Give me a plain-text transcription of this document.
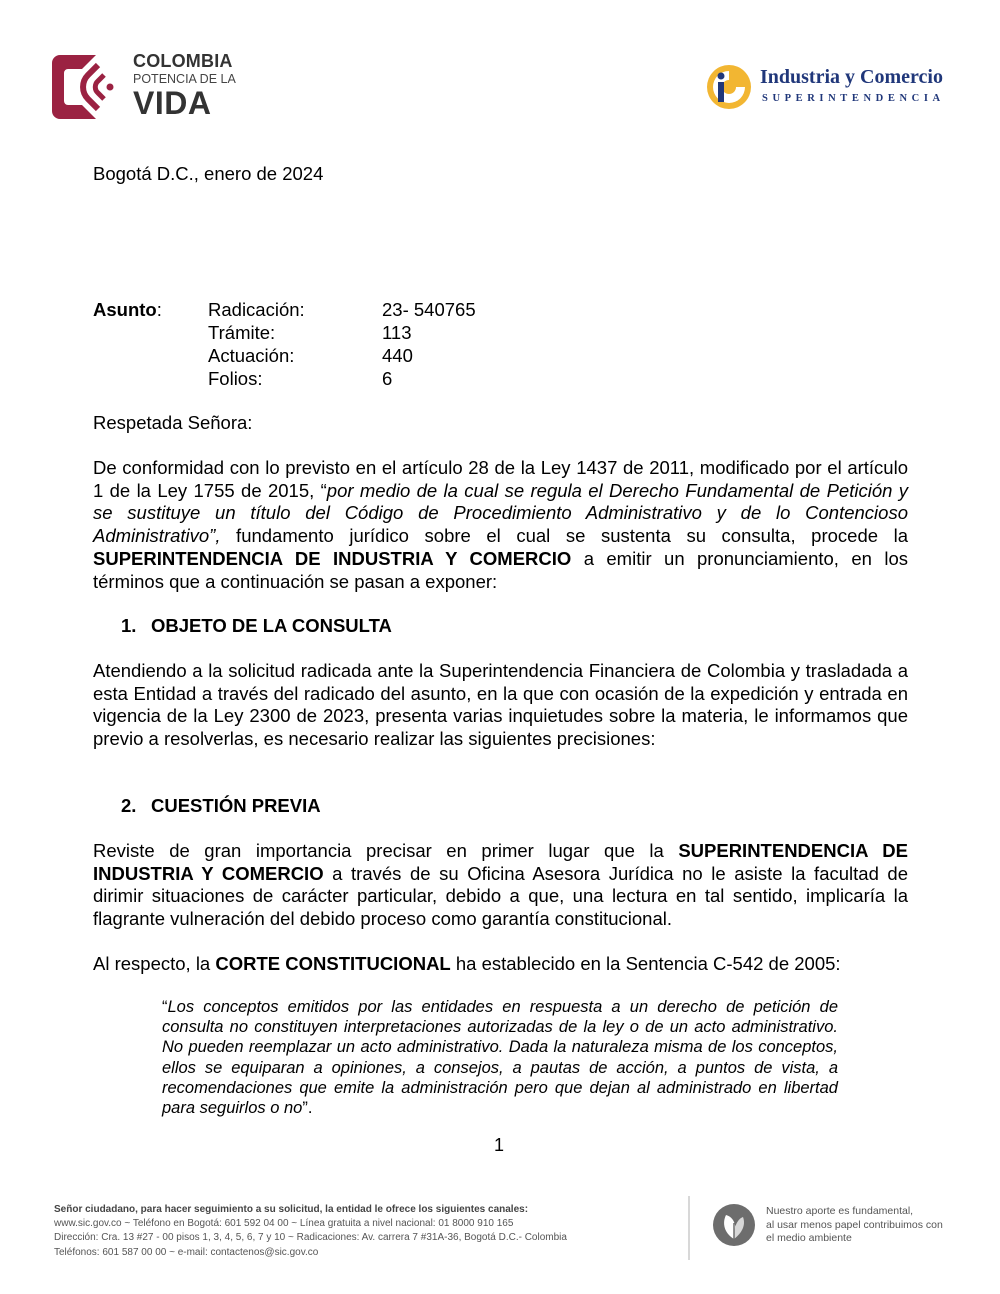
COLOMBIA
POTENCIA DE LA
VIDA
Industria y Comercio
SUPERINTENDENCIA
Bogotá D.C., enero de 2024
Asunto: Radicación:	23- 540765
Trámite:	113
Actuación:	440
Folios:	6
Respetada Señora:
De conformidad con lo previsto en el artículo 28 de la Ley 1437 de 2011, modificado por el artículo 1 de la Ley 1755 de 2015, “por medio de la cual se regula el Derecho Fundamental de Petición y se sustituye un título del Código de Procedimiento Administrativo y de lo Contencioso Administrativo”, fundamento jurídico sobre el cual se sustenta su consulta, procede la SUPERINTENDENCIA DE INDUSTRIA Y COMERCIO a emitir un pronunciamiento, en los términos que a continuación se pasan a exponer:
1. OBJETO DE LA CONSULTA
Atendiendo a la solicitud radicada ante la Superintendencia Financiera de Colombia y trasladada a esta Entidad a través del radicado del asunto, en la que con ocasión de la expedición y entrada en vigencia de la Ley 2300 de 2023, presenta varias inquietudes sobre la materia, le informamos que previo a resolverlas, es necesario realizar las siguientes precisiones:
2. CUESTIÓN PREVIA
Reviste de gran importancia precisar en primer lugar que la SUPERINTENDENCIA DE INDUSTRIA Y COMERCIO a través de su Oficina Asesora Jurídica no le asiste la facultad de dirimir situaciones de carácter particular, debido a que, una lectura en tal sentido, implicaría la flagrante vulneración del debido proceso como garantía constitucional.
Al respecto, la CORTE CONSTITUCIONAL ha establecido en la Sentencia C-542 de 2005:
“Los conceptos emitidos por las entidades en respuesta a un derecho de petición de consulta no constituyen interpretaciones autorizadas de la ley o de un acto administrativo. No pueden reemplazar un acto administrativo. Dada la naturaleza misma de los conceptos, ellos se equiparan a opiniones, a consejos, a pautas de acción, a puntos de vista, a recomendaciones que emite la administración pero que dejan al administrado en libertad para seguirlos o no”.
1
Señor ciudadano, para hacer seguimiento a su solicitud, la entidad le ofrece los siguientes canales:
www.sic.gov.co ~ Teléfono en Bogotá: 601 592 04 00 ~ Línea gratuita a nivel nacional: 01 8000 910 165
Dirección: Cra. 13 #27 - 00 pisos 1, 3, 4, 5, 6, 7 y 10 ~ Radicaciones: Av. carrera 7 #31A-36, Bogotá D.C.- Colombia
Teléfonos: 601 587 00 00 ~ e-mail: contactenos@sic.gov.co
Nuestro aporte es fundamental,
al usar menos papel contribuimos con
el medio ambiente
